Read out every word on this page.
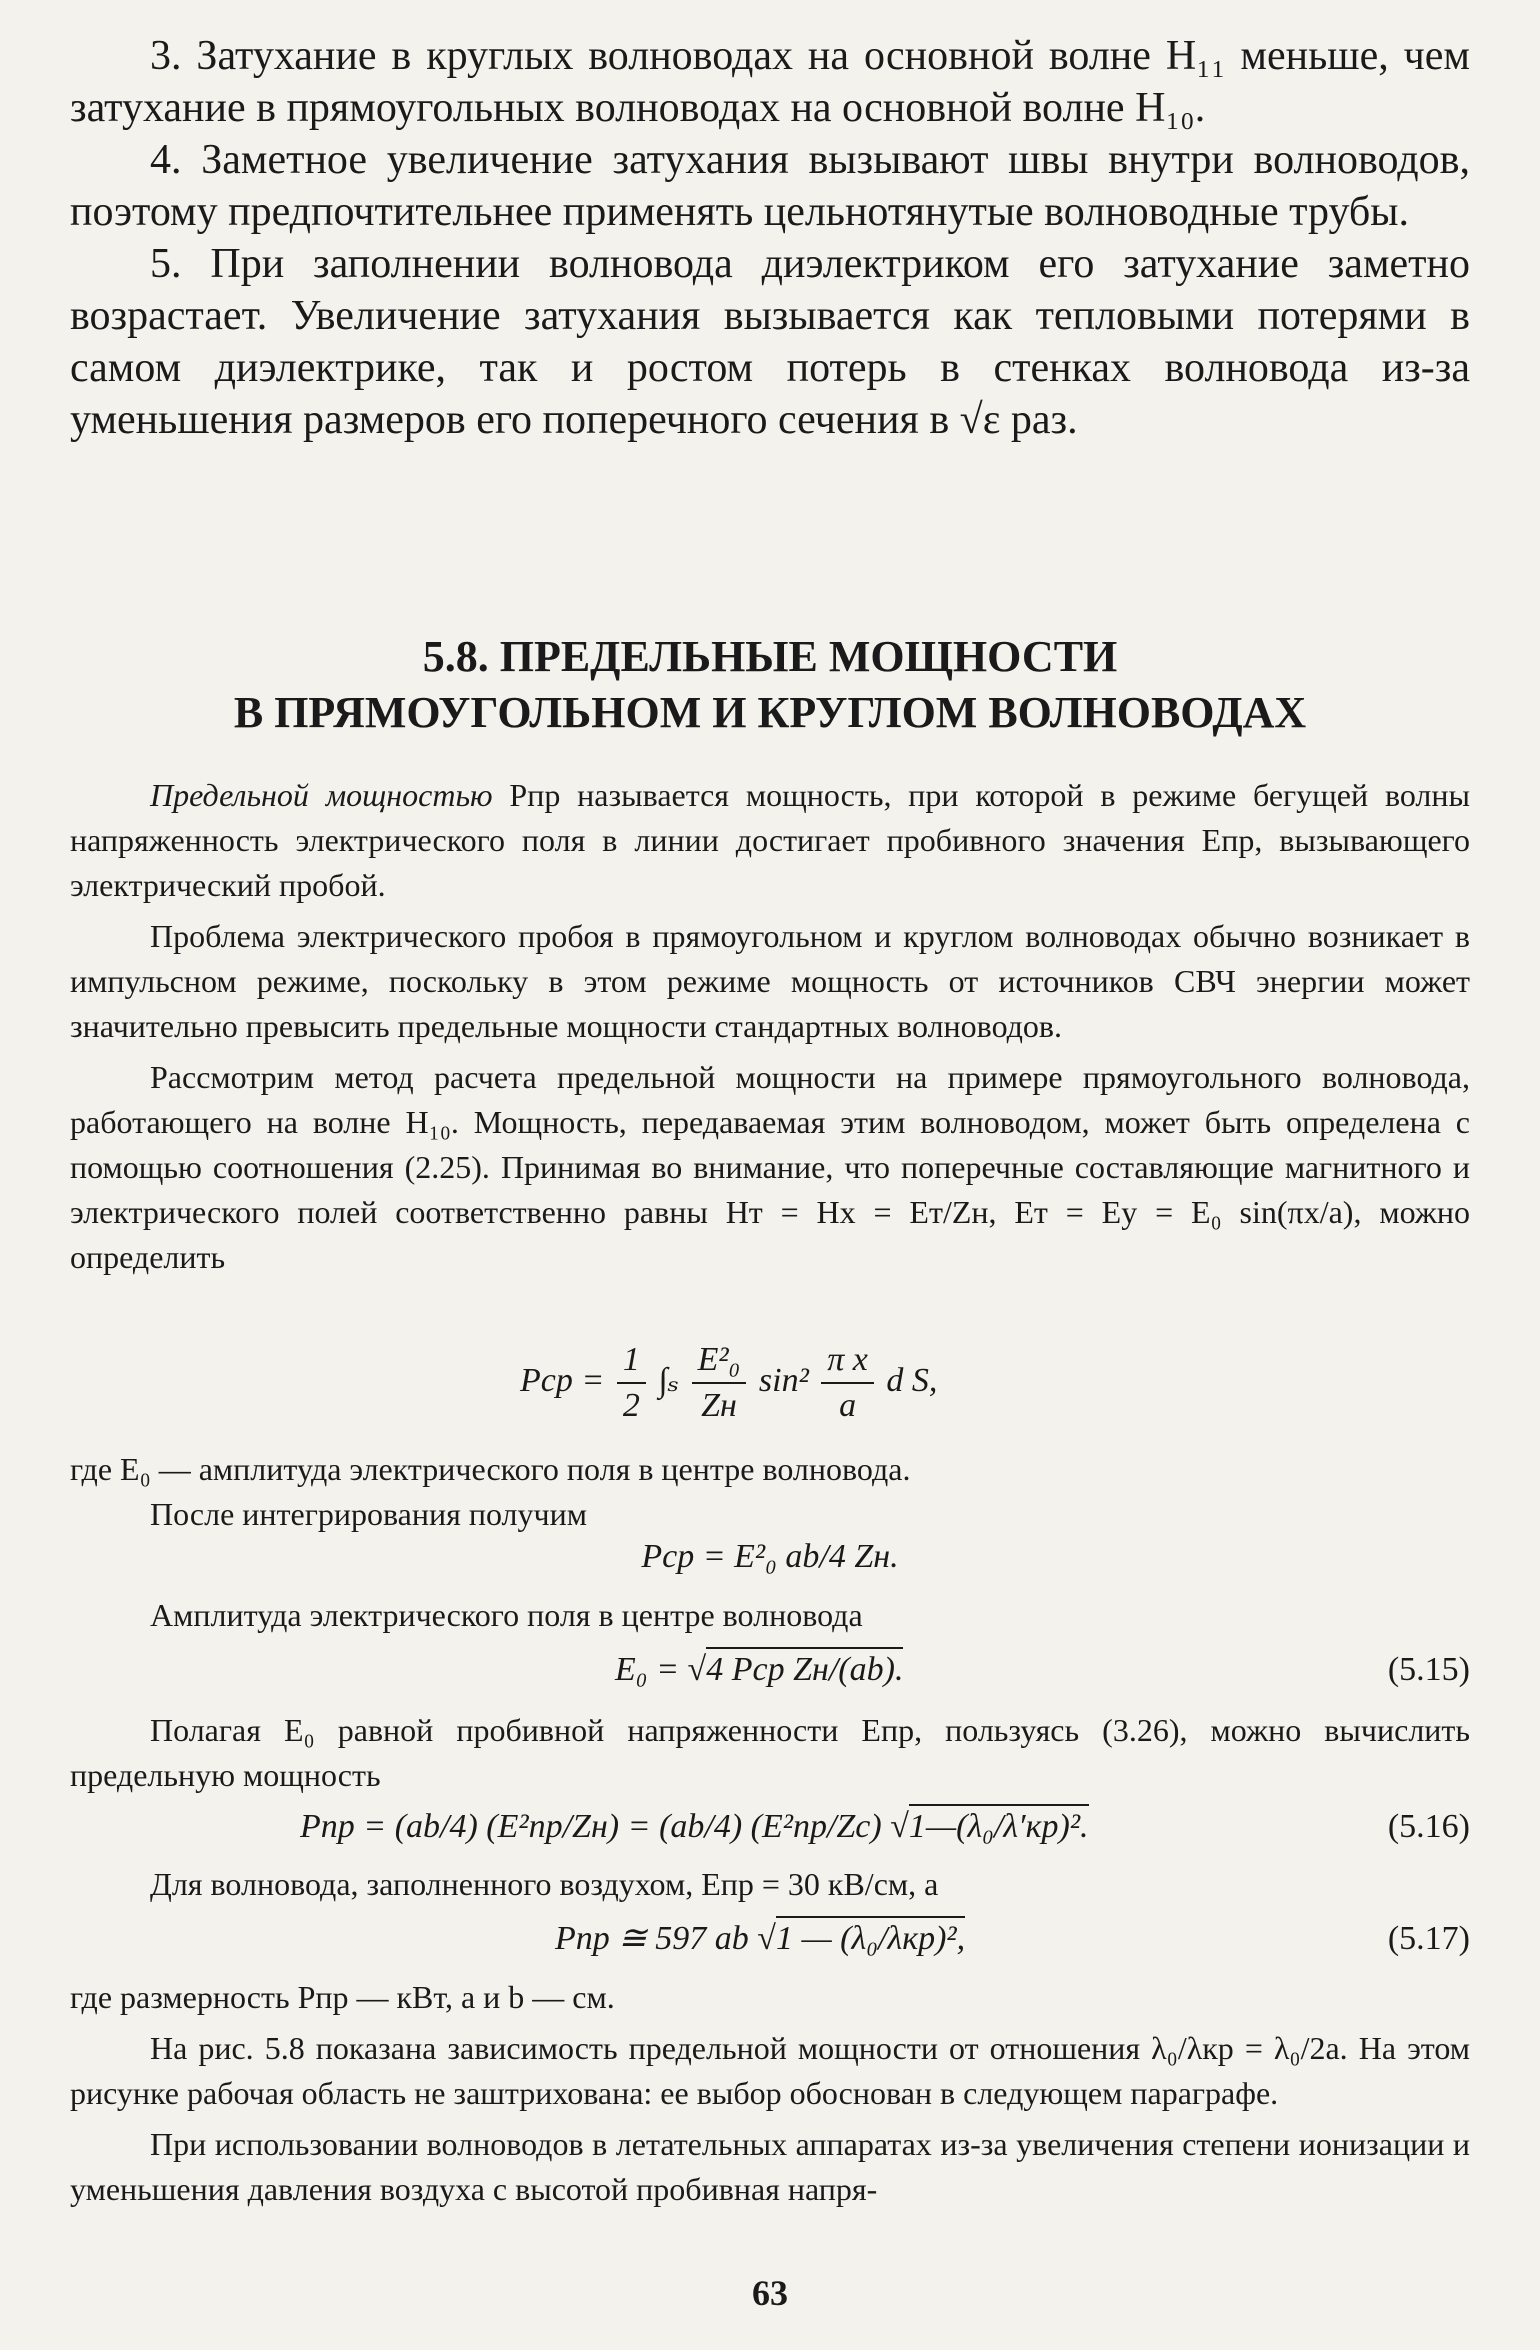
3. Затухание в круглых волноводах на основной волне H₁₁ меньше, чем затухание в прямоугольных волноводах на основной волне H₁₀.

4. Заметное увеличение затухания вызывают швы внутри волноводов, поэтому предпочтительнее применять цельнотянутые волноводные трубы.

5. При заполнении волновода диэлектриком его затухание заметно возрастает. Увеличение затухания вызывается как тепловыми потерями в самом диэлектрике, так и ростом потерь в стенках волновода из-за уменьшения размеров его поперечного сечения в √ε раз.

5.8. ПРЕДЕЛЬНЫЕ МОЩНОСТИ

В ПРЯМОУГОЛЬНОМ И КРУГЛОМ ВОЛНОВОДАХ

Предельной мощностью Pпр называется мощность, при которой в режиме бегущей волны напряженность электрического поля в линии достигает пробивного значения Eпр, вызывающего электрический пробой.

Проблема электрического пробоя в прямоугольном и круглом волноводах обычно возникает в импульсном режиме, поскольку в этом режиме мощность от источников СВЧ энергии может значительно превысить предельные мощности стандартных волноводов.

Рассмотрим метод расчета предельной мощности на примере прямоугольного волновода, работающего на волне H₁₀. Мощность, передаваемая этим волноводом, может быть определена с помощью соотношения (2.25). Принимая во внимание, что поперечные составляющие магнитного и электрического полей соответственно равны Hт = Hx = Eт/Zн, Eт = Ey = E₀ sin(πx/a), можно определить

Pср = $\frac{1}{2} \int_s \frac{\text{E²₀}}{Zн} \sin^2 \frac{\text{π x}}{a}$ d S,

где E₀ — амплитуда электрического поля в центре волновода.

После интегрирования получим

Pср = E²₀ ab/4 Zн.

Амплитуда электрического поля в центре волновода

E₀ = √4 Pср Zн/(ab).	(5.15)

Полагая E₀ равной пробивной напряженности Eпр, пользуясь (3.26), можно вычислить предельную мощность

Pпр = (ab/4) (E²пр/Zн) = (ab/4) (E²пр/Zс) √1—(λ₀/λ′кр)².	(5.16)

Для волновода, заполненного воздухом, Eпр = 30 кВ/см, а

Pпр ≅ 597 ab √1 — (λ₀/λкр)²,	(5.17)

где размерность Pпр — кВт, a и b — см.

На рис. 5.8 показана зависимость предельной мощности от отношения λ₀/λкр = λ₀/2a. На этом рисунке рабочая область не заштрихована: ее выбор обоснован в следующем параграфе.

При использовании волноводов в летательных аппаратах из-за увеличения степени ионизации и уменьшения давления воздуха с высотой пробивная напря-

63
